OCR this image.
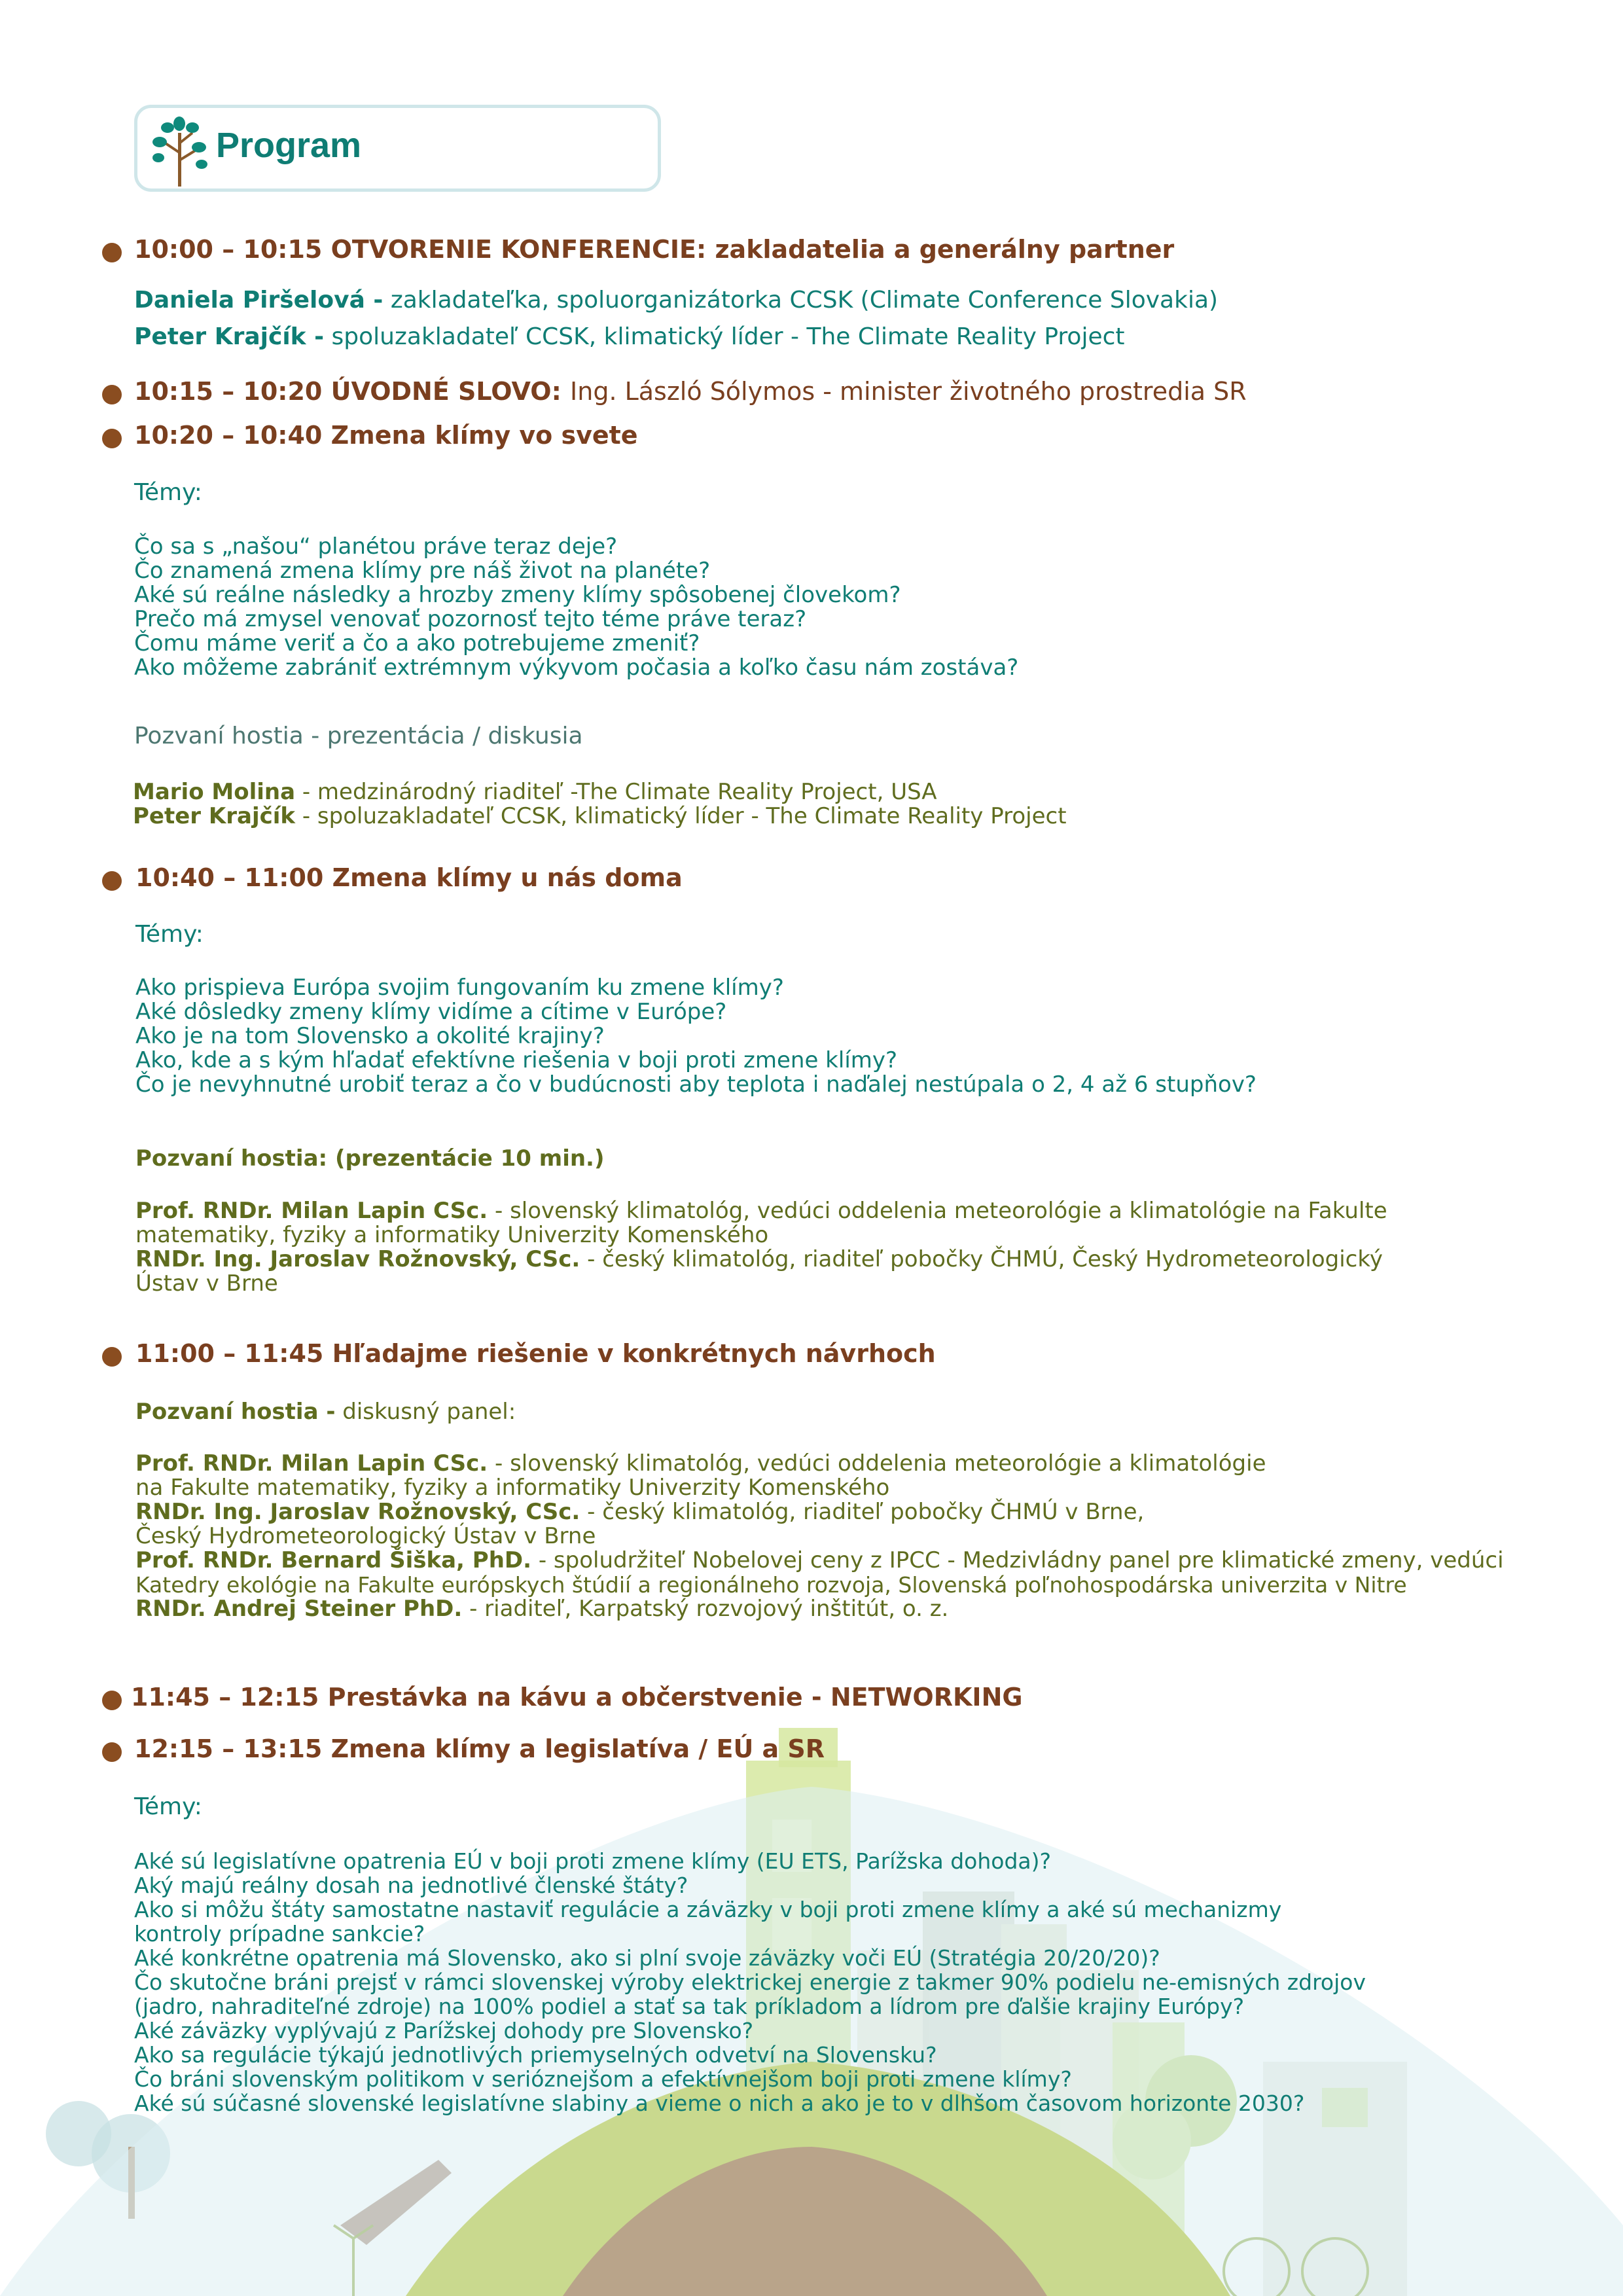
Program
10:00 – 10:15 OTVORENIE KONFERENCIE: zakladatelia a generálny partner
Daniela Piršelová - zakladateľka, spoluorganizátorka CCSK (Climate Conference Slovakia)
Peter Krajčík - spoluzakladateľ CCSK, klimatický líder - The Climate Reality Project
10:15 – 10:20 ÚVODNÉ SLOVO: Ing. László Sólymos - minister životného prostredia SR
10:20 – 10:40 Zmena klímy vo svete
Témy:
Čo sa s „našou“ planétou práve teraz deje?
Čo znamená zmena klímy pre náš život na planéte?
Aké sú reálne následky a hrozby zmeny klímy spôsobenej človekom?
Prečo má zmysel venovať pozornosť tejto téme práve teraz?
Čomu máme veriť a čo a ako potrebujeme zmeniť?
Ako môžeme zabrániť extrémnym výkyvom počasia a koľko času nám zostáva?
Pozvaní hostia - prezentácia / diskusia
Mario Molina - medzinárodný riaditeľ -The Climate Reality Project, USA
Peter Krajčík - spoluzakladateľ CCSK, klimatický líder - The Climate Reality Project
10:40 – 11:00 Zmena klímy u nás doma
Témy:
Ako prispieva Európa svojim fungovaním ku zmene klímy?
Aké dôsledky zmeny klímy vidíme a cítime v Európe?
Ako je na tom Slovensko a okolité krajiny?
Ako, kde a s kým hľadať efektívne riešenia v boji proti zmene klímy?
Čo je nevyhnutné urobiť teraz a čo v budúcnosti aby teplota i naďalej nestúpala o 2, 4 až 6 stupňov?
Pozvaní hostia: (prezentácie 10 min.)
Prof. RNDr. Milan Lapin CSc. - slovenský klimatológ, vedúci oddelenia meteorológie a klimatológie na Fakulte
matematiky, fyziky a informatiky Univerzity Komenského
RNDr. Ing. Jaroslav Rožnovský, CSc. - český klimatológ, riaditeľ pobočky ČHMÚ, Český Hydrometeorologický
Ústav v Brne
11:00 – 11:45 Hľadajme riešenie v konkrétnych návrhoch
Pozvaní hostia - diskusný panel:
Prof. RNDr. Milan Lapin CSc. - slovenský klimatológ, vedúci oddelenia meteorológie a klimatológie
na Fakulte matematiky, fyziky a informatiky Univerzity Komenského
RNDr. Ing. Jaroslav Rožnovský, CSc. - český klimatológ, riaditeľ pobočky ČHMÚ v Brne,
Český Hydrometeorologický Ústav v Brne
Prof. RNDr. Bernard Šiška, PhD. - spoludržiteľ Nobelovej ceny z IPCC - Medzivládny panel pre klimatické zmeny, vedúci
Katedry ekológie na Fakulte európskych štúdií a regionálneho rozvoja, Slovenská poľnohospodárska univerzita v Nitre
RNDr. Andrej Steiner PhD. - riaditeľ, Karpatský rozvojový inštitút, o. z.
11:45 – 12:15 Prestávka na kávu a občerstvenie - NETWORKING
12:15 – 13:15 Zmena klímy a legislatíva / EÚ a SR
Témy:
Aké sú legislatívne opatrenia EÚ v boji proti zmene klímy (EU ETS, Parížska dohoda)?
Aký majú reálny dosah na jednotlivé členské štáty?
Ako si môžu štáty samostatne nastaviť regulácie a záväzky v boji proti zmene klímy a aké sú mechanizmy
kontroly prípadne sankcie?
Aké konkrétne opatrenia má Slovensko, ako si plní svoje záväzky voči EÚ (Stratégia 20/20/20)?
Čo skutočne bráni prejsť v rámci slovenskej výroby elektrickej energie z takmer 90% podielu ne-emisných zdrojov
(jadro, nahraditeľné zdroje) na 100% podiel a stať sa tak príkladom a lídrom pre ďalšie krajiny Európy?
Aké záväzky vyplývajú z Parížskej dohody pre Slovensko?
Ako sa regulácie týkajú jednotlivých priemyselných odvetví na Slovensku?
Čo bráni slovenským politikom v serióznejšom a efektívnejšom boji proti zmene klímy?
Aké sú súčasné slovenské legislatívne slabiny a vieme o nich a ako je to v dlhšom časovom horizonte 2030?
